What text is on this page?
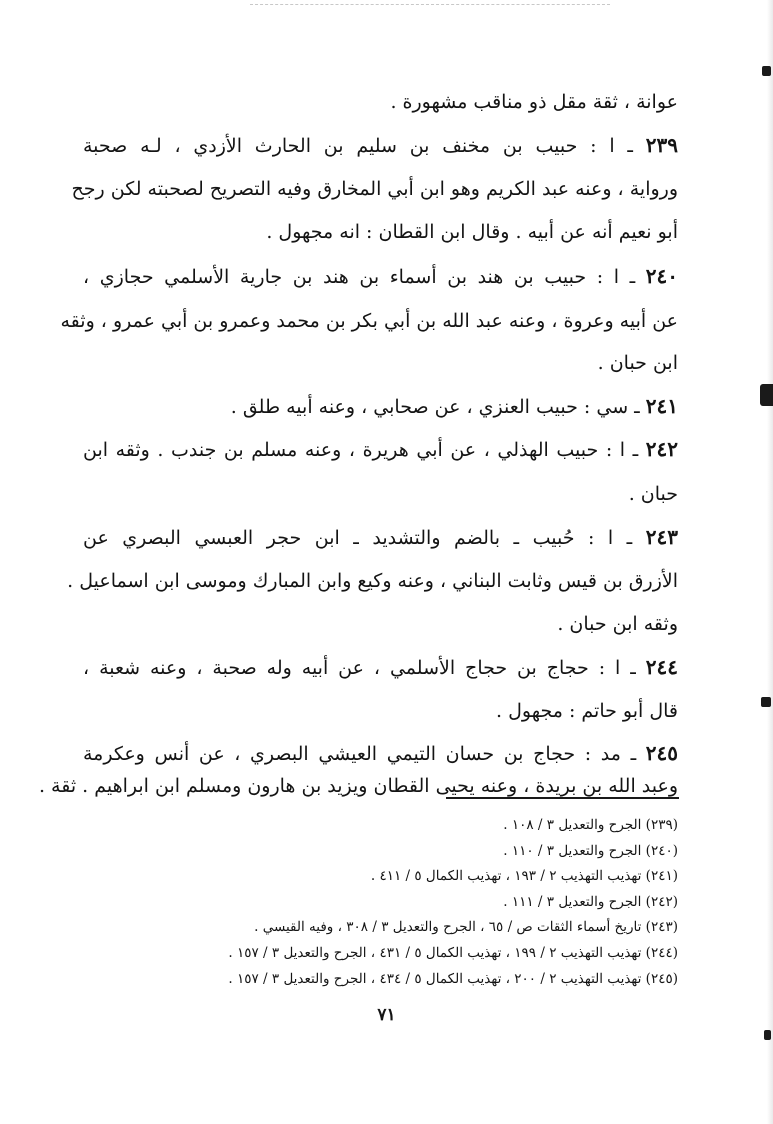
عوانة ، ثقة مقل ذو مناقب مشهورة .
٢٣٩ ـ ا : حبيب بن مخنف بن سليم بن الحارث الأزدي ، لـه صحبة
ورواية ، وعنه عبد الكريم وهو ابن أبي المخارق وفيه التصريح لصحبته لكن رجح
أبو نعيم أنه عن أبيه . وقال ابن القطان : انه مجهول .
٢٤٠ ـ ا : حبيب بن هند بن أسماء بن هند بن جارية الأسلمي حجازي ،
عن أبيه وعروة ، وعنه عبد الله بن أبي بكر بن محمد وعمرو بن أبي عمرو ، وثقه
ابن حبان .
٢٤١ ـ سي : حبيب العنزي ، عن صحابي ، وعنه أبيه طلق .
٢٤٢ ـ ا : حبيب الهذلي ، عن أبي هريرة ، وعنه مسلم بن جندب . وثقه ابن
حبان .
٢٤٣ ـ ا : حُبيب ـ بالضم والتشديد ـ ابن حجر العبسي البصري عن
الأزرق بن قيس وثابت البناني ، وعنه وكيع وابن المبارك وموسى ابن اسماعيل .
وثقه ابن حبان .
٢٤٤ ـ ا : حجاج بن حجاج الأسلمي ، عن أبيه وله صحبة ، وعنه شعبة ،
قال أبو حاتم : مجهول .
٢٤٥ ـ مد : حجاج بن حسان التيمي العيشي البصري ، عن أنس وعكرمة
وعبد الله بن بريدة ، وعنه يحيى القطان ويزيد بن هارون ومسلم ابن ابراهيم . ثقة .
(٢٣٩) الجرح والتعديل ٣ / ١٠٨ .
(٢٤٠) الجرح والتعديل ٣ / ١١٠ .
(٢٤١) تهذيب التهذيب ٢ / ١٩٣ ، تهذيب الكمال ٥ / ٤١١ .
(٢٤٢) الجرح والتعديل ٣ / ١١١ .
(٢٤٣) تاريخ أسماء الثقات ص / ٦٥ ، الجرح والتعديل ٣ / ٣٠٨ ، وفيه القيسي .
(٢٤٤) تهذيب التهذيب ٢ / ١٩٩ ، تهذيب الكمال ٥ / ٤٣١ ، الجرح والتعديل ٣ / ١٥٧ .
(٢٤٥) تهذيب التهذيب ٢ / ٢٠٠ ، تهذيب الكمال ٥ / ٤٣٤ ، الجرح والتعديل ٣ / ١٥٧ .
٧١
